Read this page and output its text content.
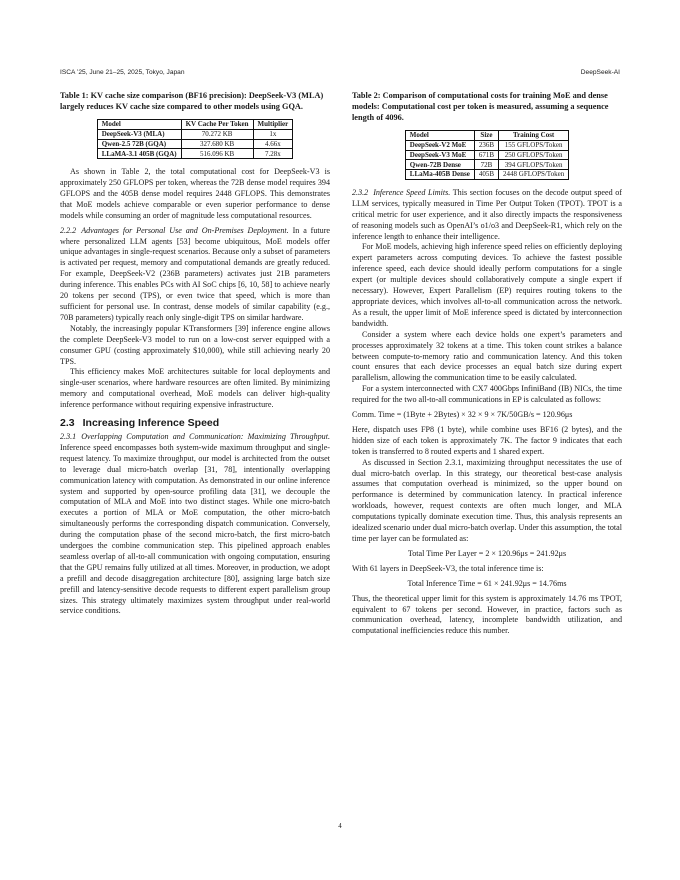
ISCA ’25, June 21–25, 2025, Tokyo, Japan	DeepSeek-AI
Table 1: KV cache size comparison (BF16 precision): DeepSeek-V3 (MLA) largely reduces KV cache size compared to other models using GQA.
Model	KV Cache Per Token	Multiplier
DeepSeek-V3 (MLA)	70.272 KB	1x
Qwen-2.5 72B (GQA)	327.680 KB	4.66x
LLaMA-3.1 405B (GQA)	516.096 KB	7.28x

As shown in Table 2, the total computational cost for DeepSeek-V3 is approximately 250 GFLOPS per token, whereas the 72B dense model requires 394 GFLOPS and the 405B dense model requires 2448 GFLOPS. This demonstrates that MoE models achieve comparable or even superior performance to dense models while consuming an order of magnitude less computational resources.

2.2.2 Advantages for Personal Use and On-Premises Deployment. In a future where personalized LLM agents [53] become ubiquitous, MoE models offer unique advantages in single-request scenarios. Because only a subset of parameters is activated per request, memory and computational demands are greatly reduced. For example, DeepSeek-V2 (236B parameters) activates just 21B parameters during inference. This enables PCs with AI SoC chips [6, 10, 58] to achieve nearly 20 tokens per second (TPS), or even twice that speed, which is more than sufficient for personal use. In contrast, dense models of similar capability (e.g., 70B parameters) typically reach only single-digit TPS on similar hardware.

Notably, the increasingly popular KTransformers [39] inference engine allows the complete DeepSeek-V3 model to run on a low-cost server equipped with a consumer GPU (costing approximately $10,000), while still achieving nearly 20 TPS.

This efficiency makes MoE architectures suitable for local deployments and single-user scenarios, where hardware resources are often limited. By minimizing memory and computational overhead, MoE models can deliver high-quality inference performance without requiring expensive infrastructure.

2.3 Increasing Inference Speed

2.3.1 Overlapping Computation and Communication: Maximizing Throughput. Inference speed encompasses both system-wide maximum throughput and single-request latency. To maximize throughput, our model is architected from the outset to leverage dual micro-batch overlap [31, 78], intentionally overlapping communication latency with computation. As demonstrated in our online inference system and supported by open-source profiling data [31], we decouple the computation of MLA and MoE into two distinct stages. While one micro-batch executes a portion of MLA or MoE computation, the other micro-batch simultaneously performs the corresponding dispatch communication. Conversely, during the computation phase of the second micro-batch, the first micro-batch undergoes the combine communication step. This pipelined approach enables seamless overlap of all-to-all communication with ongoing computation, ensuring that the GPU remains fully utilized at all times. Moreover, in production, we adopt a prefill and decode disaggregation architecture [80], assigning large batch size prefill and latency-sensitive decode requests to different expert parallelism group sizes. This strategy ultimately maximizes system throughput under real-world service conditions.

Table 2: Comparison of computational costs for training MoE and dense models: Computational cost per token is measured, assuming a sequence length of 4096.
Model	Size	Training Cost
DeepSeek-V2 MoE	236B	155 GFLOPS/Token
DeepSeek-V3 MoE	671B	250 GFLOPS/Token
Qwen-72B Dense	72B	394 GFLOPS/Token
LLaMa-405B Dense	405B	2448 GFLOPS/Token

2.3.2 Inference Speed Limits. This section focuses on the decode output speed of LLM services, typically measured in Time Per Output Token (TPOT). TPOT is a critical metric for user experience, and it also directly impacts the responsiveness of reasoning models such as OpenAI’s o1/o3 and DeepSeek-R1, which rely on the inference length to enhance their intelligence.

For MoE models, achieving high inference speed relies on efficiently deploying expert parameters across computing devices. To achieve the fastest possible inference speed, each device should ideally perform computations for a single expert (or multiple devices should collaboratively compute a single expert if necessary). However, Expert Parallelism (EP) requires routing tokens to the appropriate devices, which involves all-to-all communication across the network. As a result, the upper limit of MoE inference speed is dictated by interconnection bandwidth.

Consider a system where each device holds one expert’s parameters and processes approximately 32 tokens at a time. This token count strikes a balance between compute-to-memory ratio and communication latency. And this token count ensures that each device processes an equal batch size during expert parallelism, allowing the communication time to be easily calculated.

For a system interconnected with CX7 400Gbps InfiniBand (IB) NICs, the time required for the two all-to-all communications in EP is calculated as follows:

Comm. Time = (1Byte + 2Bytes) × 32 × 9 × 7K/50GB/s = 120.96μs

Here, dispatch uses FP8 (1 byte), while combine uses BF16 (2 bytes), and the hidden size of each token is approximately 7K. The factor 9 indicates that each token is transferred to 8 routed experts and 1 shared expert.

As discussed in Section 2.3.1, maximizing throughput necessitates the use of dual micro-batch overlap. In this strategy, our theoretical best-case analysis assumes that computation overhead is minimized, so the upper bound on performance is determined by communication latency. In practical inference workloads, however, request contexts are often much longer, and MLA computations typically dominate execution time. Thus, this analysis represents an idealized scenario under dual micro-batch overlap. Under this assumption, the total time per layer can be formulated as:

Total Time Per Layer = 2 × 120.96μs = 241.92μs

With 61 layers in DeepSeek-V3, the total inference time is:

Total Inference Time = 61 × 241.92μs = 14.76ms

Thus, the theoretical upper limit for this system is approximately 14.76 ms TPOT, equivalent to 67 tokens per second. However, in practice, factors such as communication overhead, latency, incomplete bandwidth utilization, and computational inefficiencies reduce this number.

4
